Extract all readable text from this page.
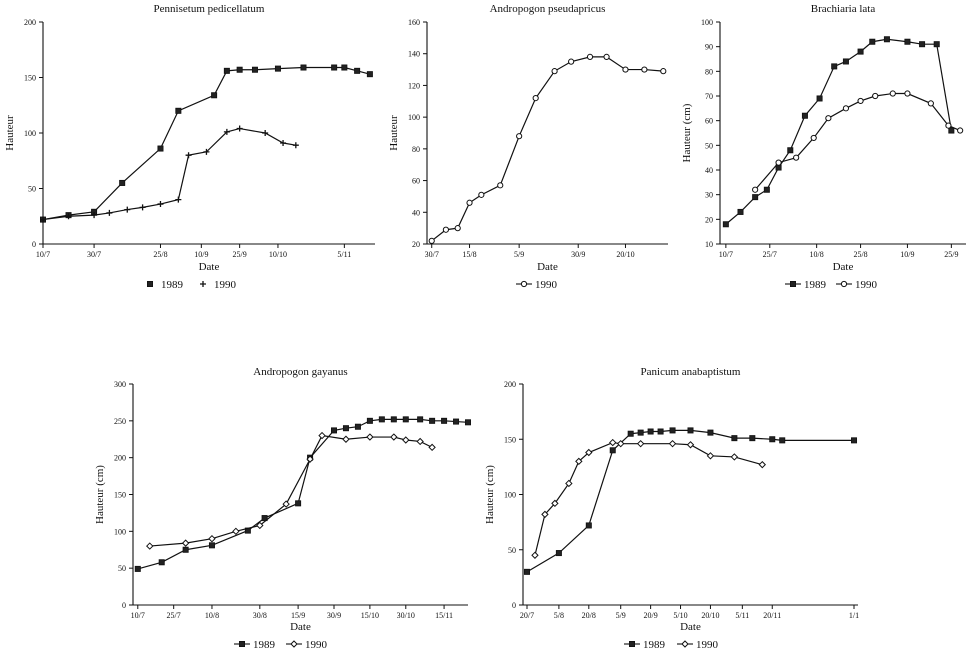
Pennisetum pedicellatum
0
50
100
150
200
10/7	30/7	25/8	10/9	25/9	10/10	5/11
Date
Hauteur
1989	1990
Andropogon pseudapricus
20
40
60
80
100
120
140
160
30/7	15/8	5/9	30/9	20/10
Date
Hauteur
1990
Brachiaria lata
10
20
30
40
50
60
70
80
90
100
10/7	25/7	10/8	25/8	10/9	25/9
Date
Hauteur (cm)
1989	1990
Andropogon gayanus
0
50
100
150
200
250
300
10/7	25/7	10/8	30/8	15/9	30/9 15/10 30/10	15/11
Date
Hauteur (cm)
1989	1990
Panicum anabaptistum
0
50
100
150
200
20/7 5/8 20/8 5/9 20/9 5/10 20/10 5/11 20/11	1/1
Date
Hauteur (cm)
1989	1990
